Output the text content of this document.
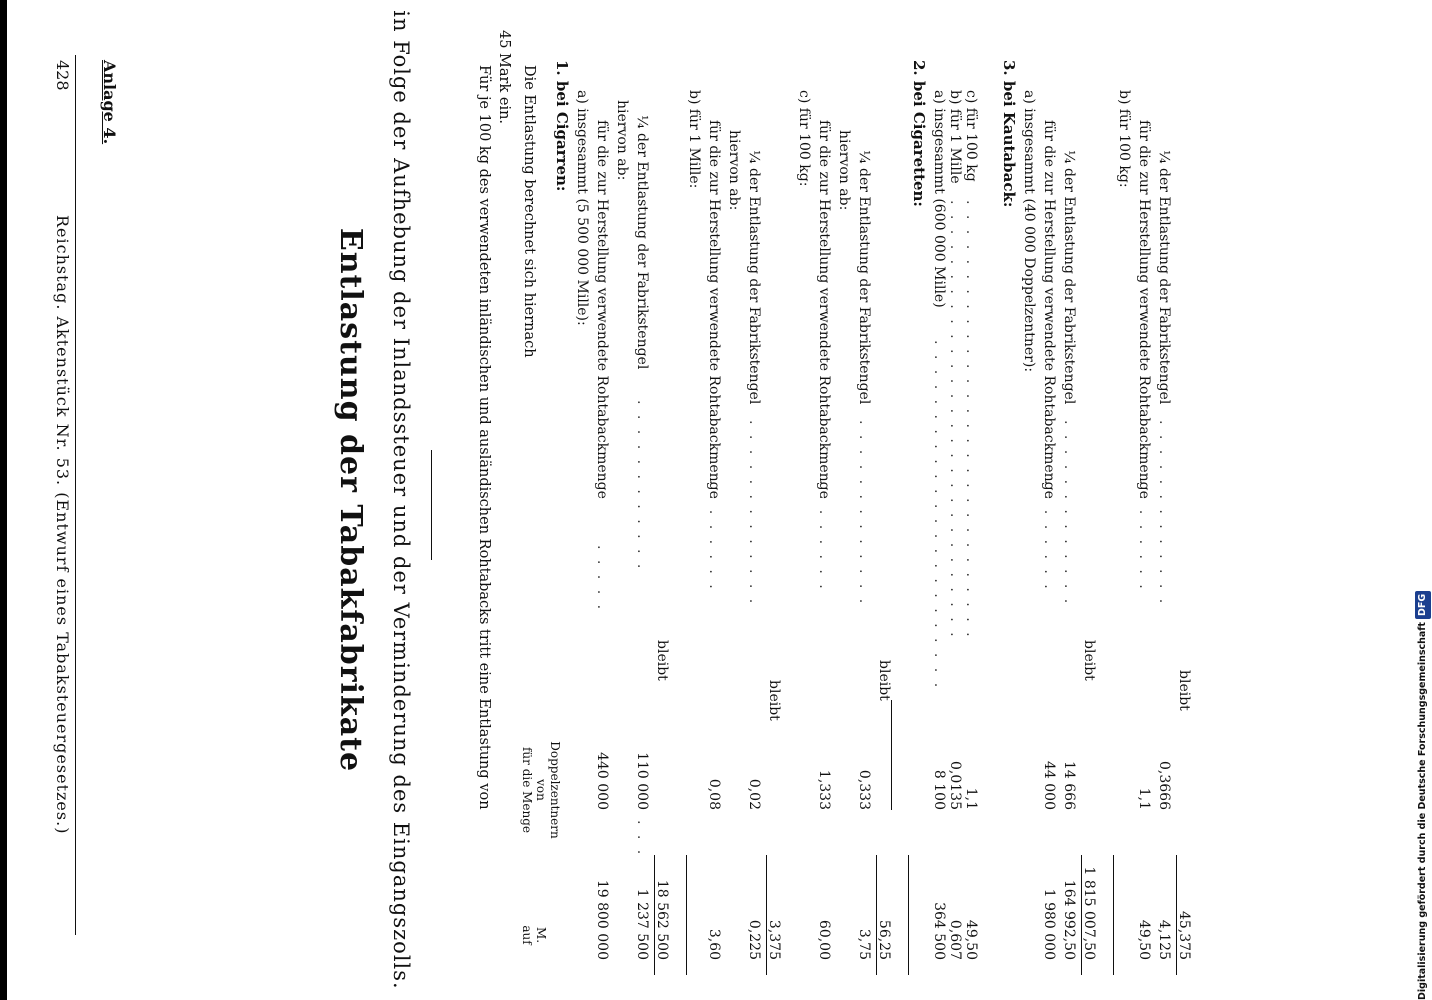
428
Reichstag. Aktenstück Nr. 53. (Entwurf eines Tabaksteuergesetzes.)
Anlage 4.
Entlastung der Tabakfabrikate in Folge der Aufhebung der Inlandssteuer und der Verminderung des Eingangszolls.	Für je 100 kg des verwendeten inländischen und ausländischen Rohtabacks tritt eine Entlastung von 45 Mark ein. Die Entlastung berechnet sich hiernach
für die Menge von Doppelzentnern
auf M.
1. bei Cigarren: a) insgesammt (5 500 000 Mille): für die zur Herstellung verwendete Rohtabackmenge
. . . . .
440 000
19 800 000
hiervon ab: ¼ der Entlastung der Fabrikstengel
. . . . . . . . . . . .
110 000
. . .
1 237 500
bleibt
18 562 500
b) für 1 Mille: für die zur Herstellung verwendete Rohtabackmenge
. . . . . . . .
0,08
3,60
hiervon ab: ¼ der Entlastung der Fabrikstengel
. . . . . . . . . . . . .
0,02
0,225
bleibt
3,375
c) für 100 kg: für die zur Herstellung verwendete Rohtabackmenge
. . . . . . . .
1,333
60,00
hiervon ab: ¼ der Entlastung der Fabrikstengel
. . . . . . . . . . . . .
0,333
3,75
bleibt
56,25
2. bei Cigaretten: a) insgesammt (600 000 Mille)
. . . . . . . . . . . . . . . . . . . . . . . .
8 100
364 500
b) für 1 Mille
. . . . . . . . . . . . . . . . . . . . . . . . . . . . . .
0,0135
0,607
c) für 100 kg
. . . . . . . . . . . . . . . . . . . . . . . . . . . . . .
1,1
49,50
3. bei Kautaback: a) insgesammt (40 000 Doppelzentner): für die zur Herstellung verwendete Rohtabackmenge
. . . . . . . .
44 000
1 980 000
¼ der Entlastung der Fabrikstengel
. . . . . . . . . . . . .
14 666
164 992,50
bleibt
1 815 007,50
b) für 100 kg: für die zur Herstellung verwendete Rohtabackmenge
. . . . . . . .
1,1
49,50
¼ der Entlastung der Fabrikstengel
. . . . . . . . . . . . .
0,3666
4,125
bleibt
45,375	Digitalisierung gefördert durch die Deutsche ForschungsgemeinschaftDFG
